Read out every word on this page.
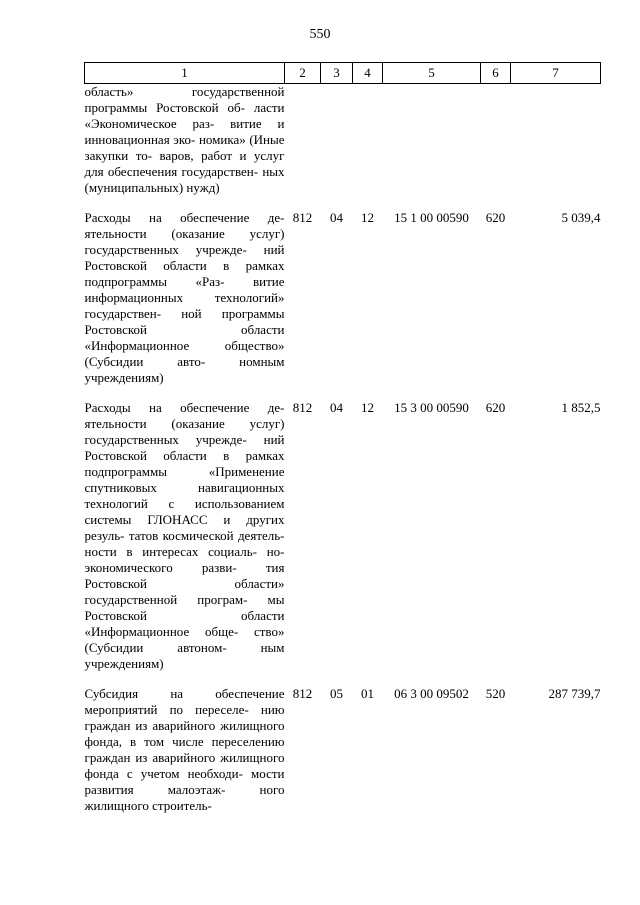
550
1	2	3	4	5	6	7
область» государственной программы Ростовской об- ласти «Экономическое раз- витие и инновационная эко- номика» (Иные закупки то- варов, работ и услуг для обеспечения государствен- ных (муниципальных) нужд)						

Расходы на обеспечение де- ятельности (оказание услуг) государственных учрежде- ний Ростовской области в рамках подпрограммы «Раз- витие информационных технологий» государствен- ной программы Ростовской области «Информационное общество» (Субсидии авто- номным учреждениям)	812	04	12	15 1 00 00590	620	5 039,4

Расходы на обеспечение де- ятельности (оказание услуг) государственных учрежде- ний Ростовской области в рамках подпрограммы «Применение спутниковых навигационных технологий с использованием системы ГЛОНАСС и других резуль- татов космической деятель- ности в интересах социаль- но-экономического разви- тия Ростовской области» государственной програм- мы Ростовской области «Информационное обще- ство» (Субсидии автоном- ным учреждениям)	812	04	12	15 3 00 00590	620	1 852,5

Субсидия на обеспечение мероприятий по переселе- нию граждан из аварийного жилищного фонда, в том числе переселению граждан из аварийного жилищного фонда с учетом необходи- мости развития малоэтаж- ного жилищного строитель-	812	05	01	06 3 00 09502	520	287 739,7
